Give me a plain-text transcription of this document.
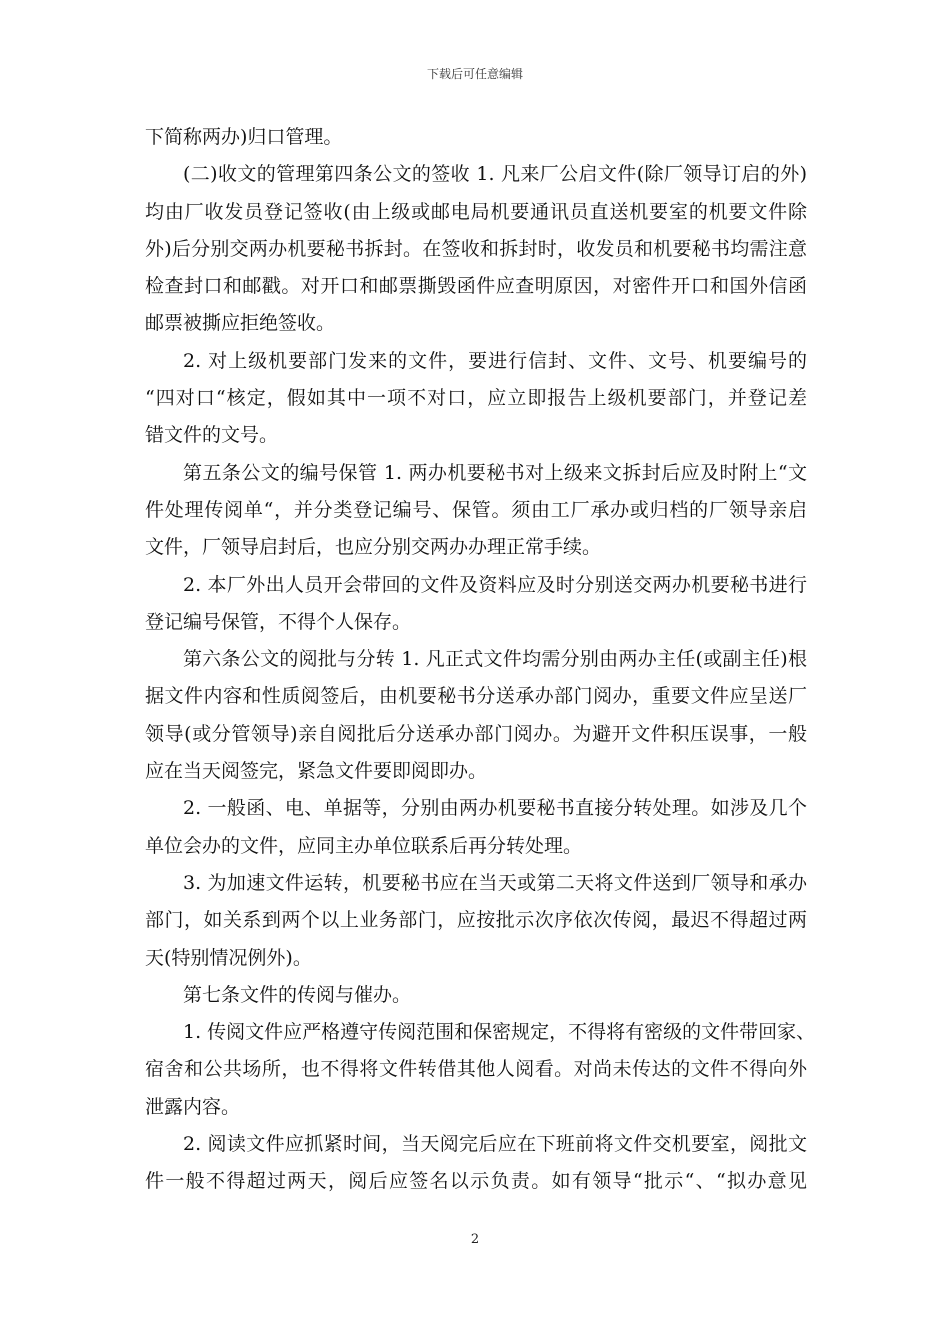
下载后可任意编辑

下简称两办)归口管理。

(二)收文的管理第四条公文的签收 1. 凡来厂公启文件(除厂领导订启的外)
均由厂收发员登记签收(由上级或邮电局机要通讯员直送机要室的机要文件除
外)后分别交两办机要秘书拆封。在签收和拆封时，收发员和机要秘书均需注意
检查封口和邮戳。对开口和邮票撕毁函件应查明原因，对密件开口和国外信函
邮票被撕应拒绝签收。

2. 对上级机要部门发来的文件，要进行信封、文件、文号、机要编号的
“四对口“核定，假如其中一项不对口，应立即报告上级机要部门，并登记差
错文件的文号。

第五条公文的编号保管 1. 两办机要秘书对上级来文拆封后应及时附上“文
件处理传阅单“，并分类登记编号、保管。须由工厂承办或归档的厂领导亲启
文件，厂领导启封后，也应分别交两办办理正常手续。

2. 本厂外出人员开会带回的文件及资料应及时分别送交两办机要秘书进行
登记编号保管，不得个人保存。

第六条公文的阅批与分转 1. 凡正式文件均需分别由两办主任(或副主任)根
据文件内容和性质阅签后，由机要秘书分送承办部门阅办，重要文件应呈送厂
领导(或分管领导)亲自阅批后分送承办部门阅办。为避开文件积压误事，一般
应在当天阅签完，紧急文件要即阅即办。

2. 一般函、电、单据等，分别由两办机要秘书直接分转处理。如涉及几个
单位会办的文件，应同主办单位联系后再分转处理。

3. 为加速文件运转，机要秘书应在当天或第二天将文件送到厂领导和承办
部门，如关系到两个以上业务部门，应按批示次序依次传阅，最迟不得超过两
天(特别情况例外)。

第七条文件的传阅与催办。

1. 传阅文件应严格遵守传阅范围和保密规定，不得将有密级的文件带回家、
宿舍和公共场所，也不得将文件转借其他人阅看。对尚未传达的文件不得向外
泄露内容。

2. 阅读文件应抓紧时间，当天阅完后应在下班前将文件交机要室，阅批文
件一般不得超过两天，阅后应签名以示负责。如有领导“批示“、“拟办意见

2
